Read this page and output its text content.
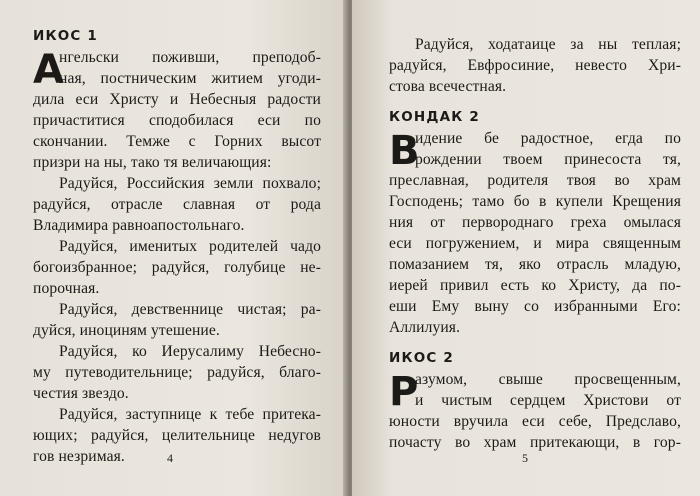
ИКОС 1
А
нгельски поживши, преподоб-
ная, постническим житием угоди-
дила еси Христу и Небесныя радости
причаститися сподобилася еси по
скончании. Темже с Горних высот
призри на ны, тако тя величающия:
Радуйся, Российския земли похвало;
радуйся, отрасле славная от рода
Владимира равноапостольнаго.
Радуйся, именитых родителей чадо
богоизбранное; радуйся, голубице не-
порочная.
Радуйся, девственнице чистая; ра-
дуйся, иноциням утешение.
Радуйся, ко Иерусалиму Небесно-
му путеводительнице; радуйся, благо-
честия звездо.
Радуйся, заступнице к тебе притека-
ющих; радуйся, целительнице недугов
гов незримая.	4
Радуйся, ходатаице за ны теплая;
радуйся, Евфросиние, невесто Хри-
стова всечестная.
КОНДАК 2
В
идение бе радостное, егда по
рождении твоем принесоста тя,
преславная, родителя твоя во храм
Господень; тамо бо в купели Крещения
ния от первороднаго греха омылася
еси погружением, и мира священным
помазанием тя, яко отрасль младую,
иерей привил есть ко Христу, да по-
еши Ему вынy со избранными Его:
Аллилуия.
ИКОС 2
Р
азумом, свыше просвещенным,
и чистым сердцем Христови от
юности вручила еси себе, Предславо,
почасту во храм притекающи, в гор-
5
